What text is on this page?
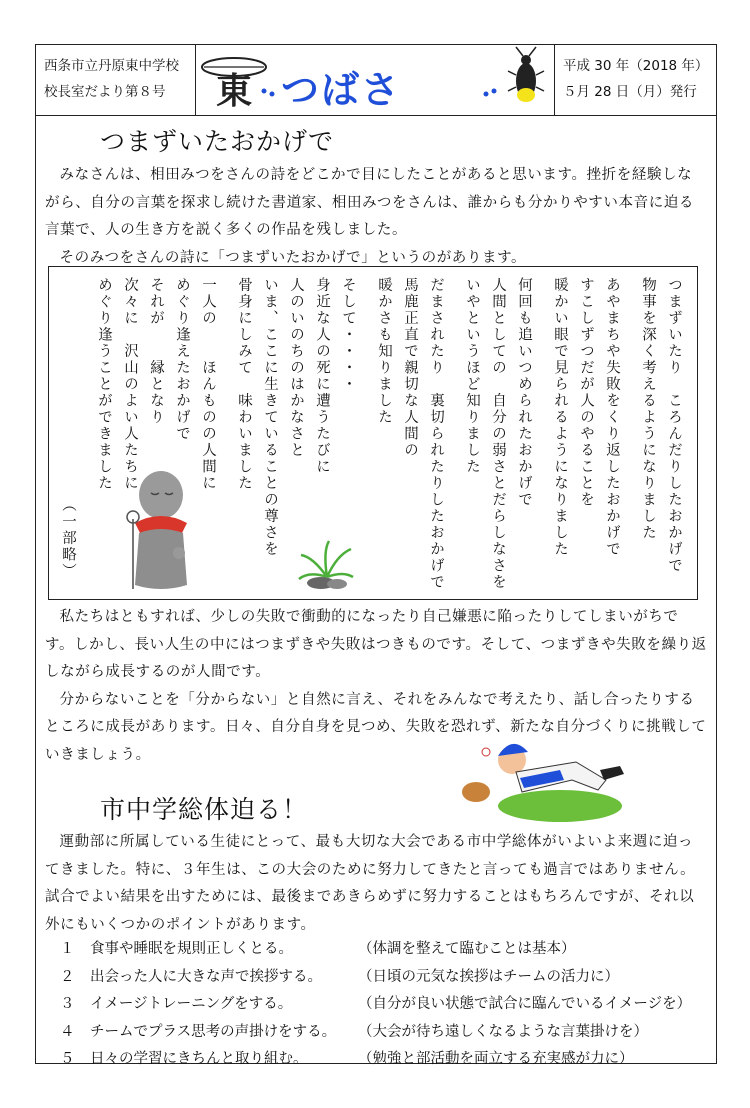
西条市立丹原東中学校
校長室だより第８号	東 つばさ
平成 30 年（2018 年）
５月 28 日（月）発行
つまずいたおかげで

みなさんは、相田みつをさんの詩をどこかで目にしたことがあると思います。挫折を経験しながら、自分の言葉を探求し続けた書道家、相田みつをさんは、誰からも分かりやすい本音に迫る言葉で、人の生き方を説く多くの作品を残しました。

そのみつをさんの詩に「つまずいたおかげで」というのがあります。

つまずいたり　ころんだりしたおかげで
物事を深く考えるようになりました
あやまちや失敗をくり返したおかげで
すこしずつだが人のやることを
暖かい眼で見られるようになりました
何回も追いつめられたおかげで
人間としての　自分の弱さとだらしなさを
いやというほど知りました
だまされたり　裏切られたりしたおかげで
馬鹿正直で親切な人間の
暖かさも知りました
そして・・・・
身近な人の死に遭うたびに
人のいのちのはかなさと
いま、ここに生きていることの尊さを
骨身にしみて　味わいました
一人の　　ほんものの人間に
めぐり逢えたおかげで
それが　　縁となり
次々に　沢山のよい人たちに
めぐり逢うことができました
（一部略）

私たちはともすれば、少しの失敗で衝動的になったり自己嫌悪に陥ったりしてしまいがちです。しかし、長い人生の中にはつまずきや失敗はつきものです。そして、つまずきや失敗を繰り返しながら成長するのが人間です。

分からないことを「分からない」と自然に言え、それをみんなで考えたり、話し合ったりするところに成長があります。日々、自分自身を見つめ、失敗を恐れず、新たな自分づくりに挑戦していきましょう。

市中学総体迫る！

運動部に所属している生徒にとって、最も大切な大会である市中学総体がいよいよ来週に迫ってきました。特に、３年生は、この大会のために努力してきたと言っても過言ではありません。試合でよい結果を出すためには、最後まであきらめずに努力することはもちろんですが、それ以外にもいくつかのポイントがあります。

１ 食事や睡眠を規則正しくとる。	（体調を整えて臨むことは基本）
２ 出会った人に大きな声で挨拶する。 （日頃の元気な挨拶はチームの活力に）
３ イメージトレーニングをする。	（自分が良い状態で試合に臨んでいるイメージを）
４ チームでプラス思考の声掛けをする。 （大会が待ち遠しくなるような言葉掛けを）
５ 日々の学習にきちんと取り組む。	（勉強と部活動を両立する充実感が力に）
